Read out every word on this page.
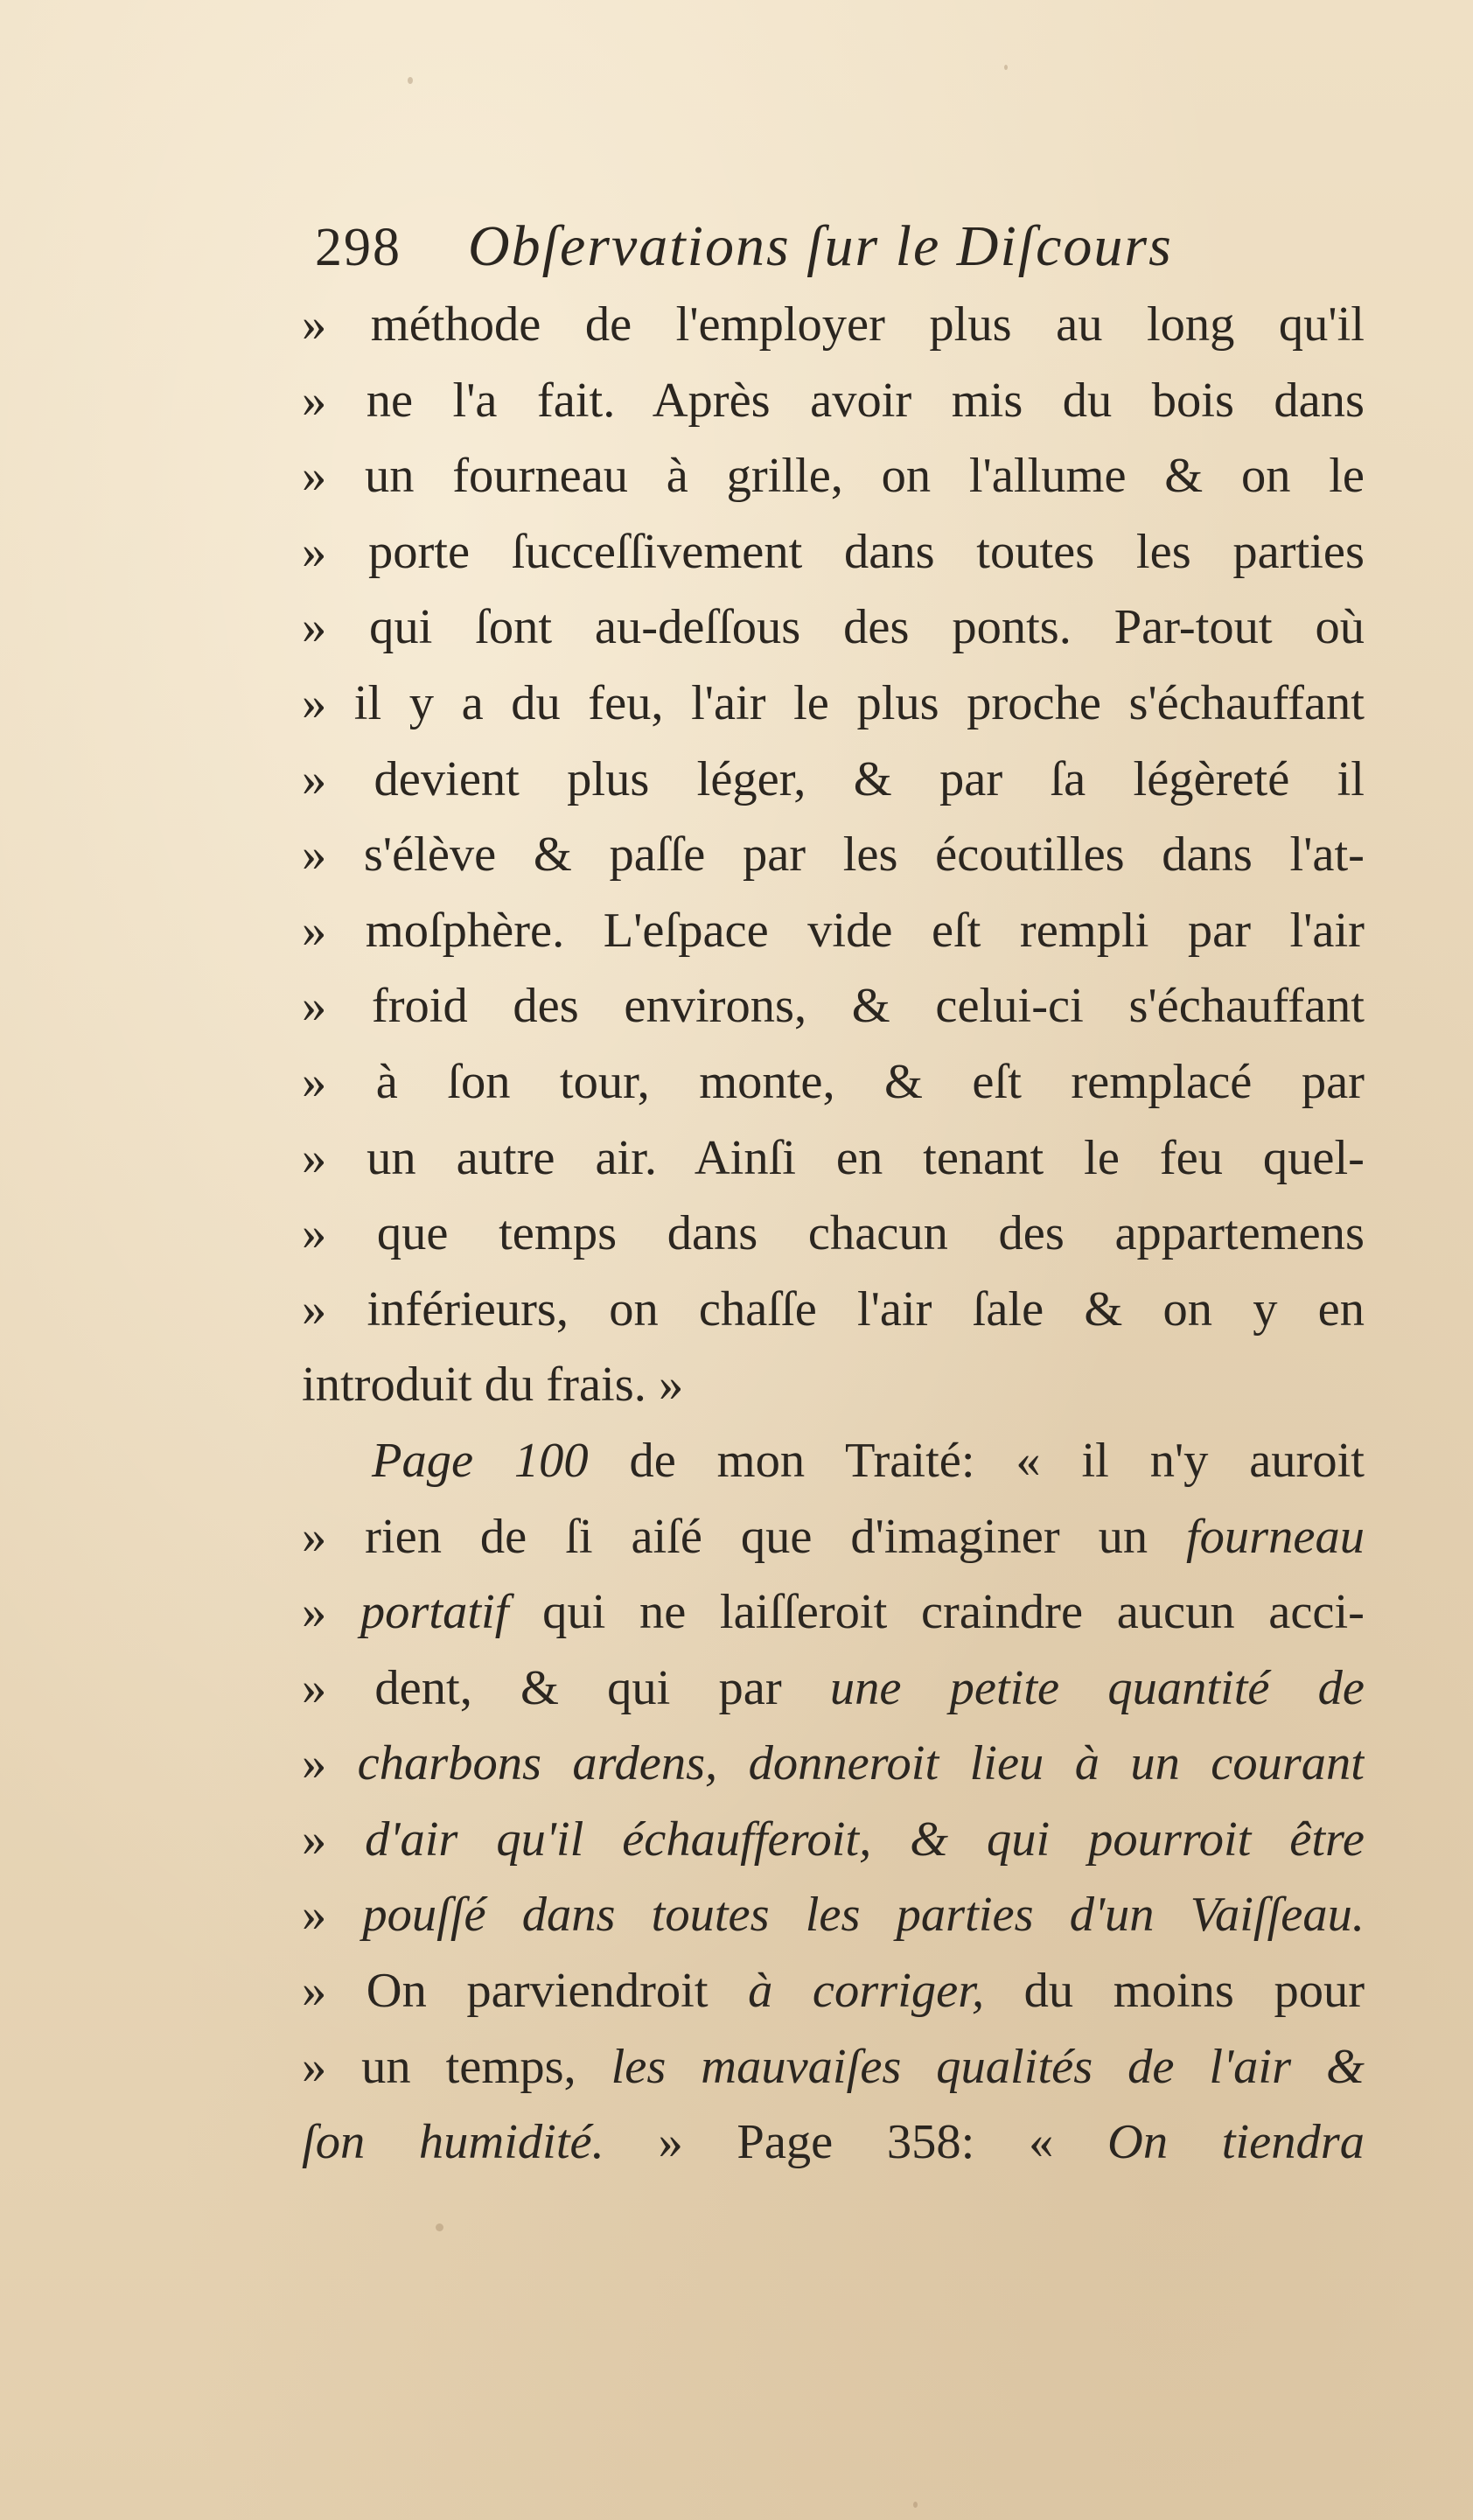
298 Obſervations ſur le Diſcours
» méthode de l'employer plus au long qu'il
» ne l'a fait. Après avoir mis du bois dans
» un fourneau à grille, on l'allume & on le
» porte ſucceſſivement dans toutes les parties
» qui ſont au-deſſous des ponts. Par-tout où
» il y a du feu, l'air le plus proche s'échauffant
» devient plus léger, & par ſa légèreté il
» s'élève & paſſe par les écoutilles dans l'at-
» moſphère. L'eſpace vide eſt rempli par l'air
» froid des environs, & celui-ci s'échauffant
» à ſon tour, monte, & eſt remplacé par
» un autre air. Ainſi en tenant le feu quel-
» que temps dans chacun des appartemens
» inférieurs, on chaſſe l'air ſale & on y en
introduit du frais. »
Page 100 de mon Traité: « il n'y auroit
» rien de ſi aiſé que d'imaginer un fourneau
» portatif qui ne laiſſeroit craindre aucun acci-
» dent, & qui par une petite quantité de
» charbons ardens, donneroit lieu à un courant
» d'air qu'il échaufferoit, & qui pourroit être
» pouſſé dans toutes les parties d'un Vaiſſeau.
» On parviendroit à corriger, du moins pour
» un temps, les mauvaiſes qualités de l'air &
ſon humidité. » Page 358: « On tiendra
